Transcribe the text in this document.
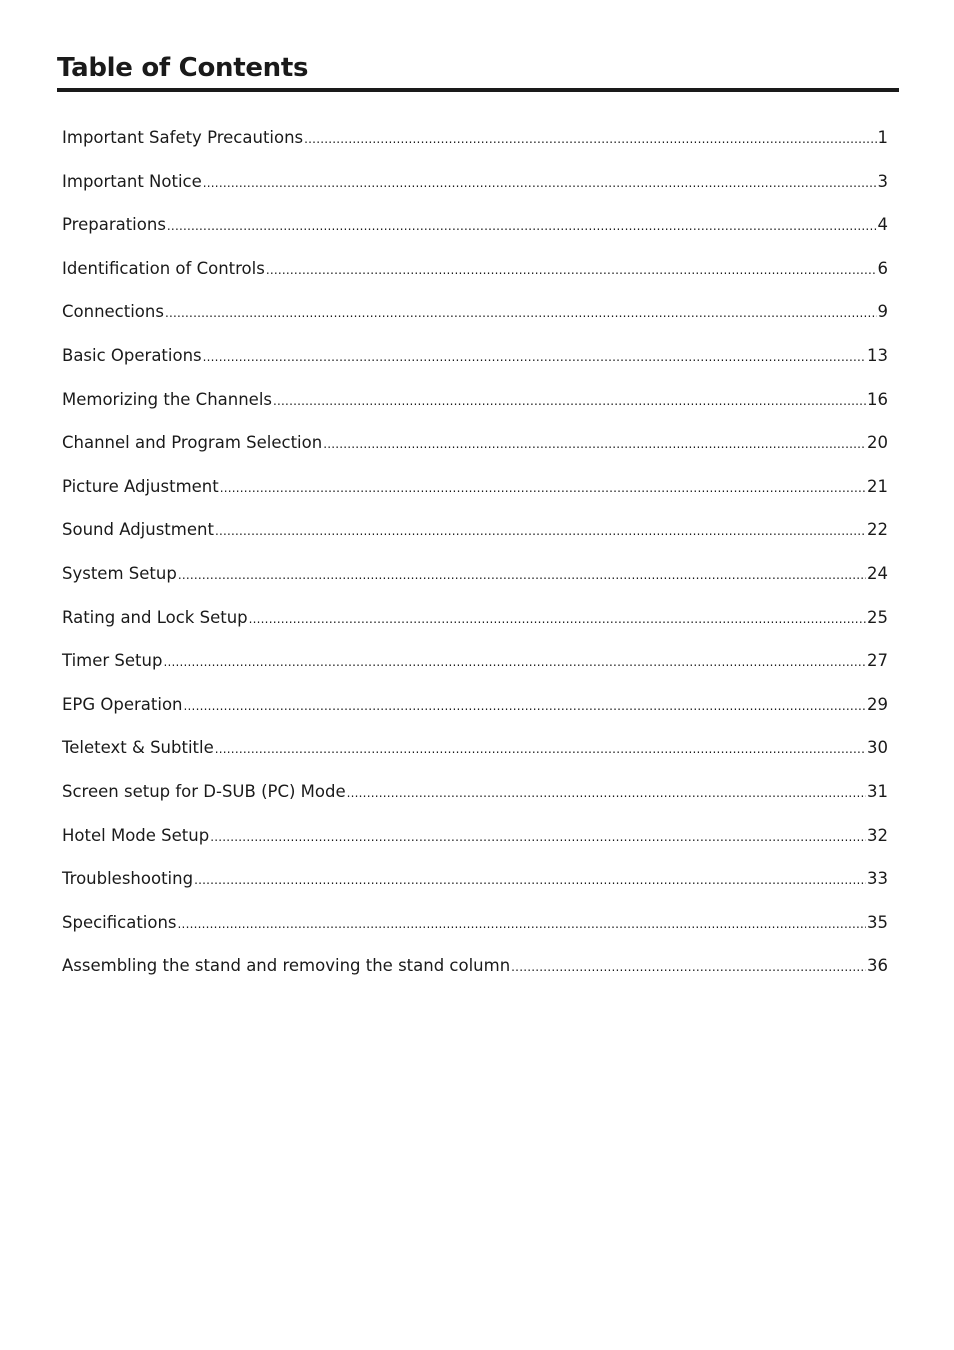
Table of Contents
Important Safety Precautions .....	1
Important Notice .....	3
Preparations .....	4
Identification of Controls .....	6
Connections .....	9
Basic Operations .....	13
Memorizing the Channels .....	16
Channel and Program Selection .....	20
Picture Adjustment .....	21
Sound Adjustment .....	22
System Setup .....	24
Rating and Lock Setup .....	25
Timer Setup .....	27
EPG Operation .....	29
Teletext & Subtitle .....	30
Screen setup for D-SUB (PC) Mode .....	31
Hotel Mode Setup .....	32
Troubleshooting .....	33
Specifications .....	35
Assembling the stand and removing the stand column .....	36
